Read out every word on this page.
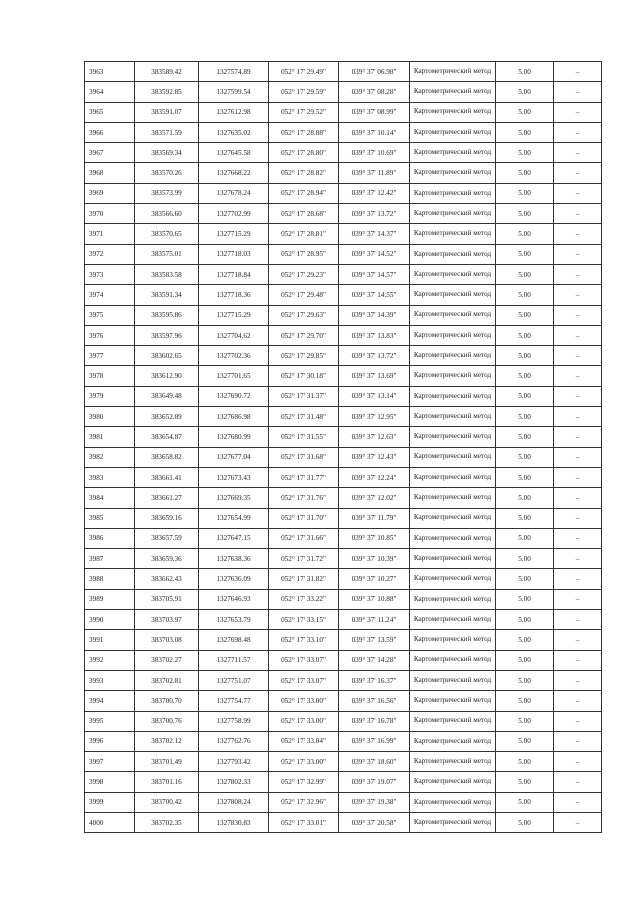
3963	383589.42	1327574.89	052° 17' 29.49"	039° 37' 06.98"	Картометрический метод	5.00	–
3964	383592.85	1327599.54	052° 17' 29.59"	039° 37' 08.28"	Картометрический метод	5.00	–
3965	383591.07	1327612.98	052° 17' 29.52"	039° 37' 08.99"	Картометрический метод	5.00	–
3966	383571.59	1327635.02	052° 17' 28.88"	039° 37' 10.14"	Картометрический метод	5.00	–
3967	383569.34	1327645.58	052° 17' 28.80"	039° 37' 10.69"	Картометрический метод	5.00	–
3968	383570.26	1327668.22	052° 17' 28.82"	039° 37' 11.89"	Картометрический метод	5.00	–
3969	383573.99	1327678.24	052° 17' 28.94"	039° 37' 12.42"	Картометрический метод	5.00	–
3970	383566.60	1327702.99	052° 17' 28.68"	039° 37' 13.72"	Картометрический метод	5.00	–
3971	383570.65	1327715.29	052° 17' 28.81"	039° 37' 14.37"	Картометрический метод	5.00	–
3972	383575.01	1327718.03	052° 17' 28.95"	039° 37' 14.52"	Картометрический метод	5.00	–
3973	383583.58	1327718.84	052° 17' 29.23"	039° 37' 14.57"	Картометрический метод	5.00	–
3974	383591.34	1327718.36	052° 17' 29.48"	039° 37' 14.55"	Картометрический метод	5.00	–
3975	383595.86	1327715.29	052° 17' 29.63"	039° 37' 14.39"	Картометрический метод	5.00	–
3976	383597.96	1327704.62	052° 17' 29.70"	039° 37' 13.83"	Картометрический метод	5.00	–
3977	383602.65	1327702.36	052° 17' 29.85"	039° 37' 13.72"	Картометрический метод	5.00	–
3978	383612.90	1327701.65	052° 17' 30.18"	039° 37' 13.69"	Картометрический метод	5.00	–
3979	383649.48	1327690.72	052° 17' 31.37"	039° 37' 13.14"	Картометрический метод	5.00	–
3980	383652.89	1327686.98	052° 17' 31.48"	039° 37' 12.95"	Картометрический метод	5.00	–
3981	383654.87	1327680.99	052° 17' 31.55"	039° 37' 12.63"	Картометрический метод	5.00	–
3982	383658.82	1327677.04	052° 17' 31.68"	039° 37' 12.43"	Картометрический метод	5.00	–
3983	383661.41	1327673.43	052° 17' 31.77"	039° 37' 12.24"	Картометрический метод	5.00	–
3984	383661.27	1327669.35	052° 17' 31.76"	039° 37' 12.02"	Картометрический метод	5.00	–
3985	383659.16	1327654.99	052° 17' 31.70"	039° 37' 11.79"	Картометрический метод	5.00	–
3986	383657.59	1327647.15	052° 17' 31.66"	039° 37' 10.85"	Картометрический метод	5.00	–
3987	383659.36	1327638.36	052° 17' 31.72"	039° 37' 10.39"	Картометрический метод	5.00	–
3988	383662.43	1327636.09	052° 17' 31.82"	039° 37' 10.27"	Картометрический метод	5.00	–
3989	383705.91	1327646.93	052° 17' 33.22"	039° 37' 10.88"	Картометрический метод	5.00	–
3990	383703.97	1327653.79	052° 17' 33.15"	039° 37' 11.24"	Картометрический метод	5.00	–
3991	383703.08	1327698.48	052° 17' 33.10"	039° 37' 13.59"	Картометрический метод	5.00	–
3992	383702.27	1327711.57	052° 17' 33.07"	039° 37' 14.28"	Картометрический метод	5.00	–
3993	383702.81	1327751.07	052° 17' 33.07"	039° 37' 16.37"	Картометрический метод	5.00	–
3994	383700.70	1327754.77	052° 17' 33.00"	039° 37' 16.56"	Картометрический метод	5.00	–
3995	383700.76	1327758.99	052° 17' 33.00"	039° 37' 16.78"	Картометрический метод	5.00	–
3996	383702.12	1327762.76	052° 17' 33.04"	039° 37' 16.99"	Картометрический метод	5.00	–
3997	383701.49	1327793.42	052° 17' 33.00"	039° 37' 18.60"	Картометрический метод	5.00	–
3998	383701.16	1327802.33	052° 17' 32.99"	039° 37' 19.07"	Картометрический метод	5.00	–
3999	383700.42	1327808.24	052° 17' 32.96"	039° 37' 19.38"	Картометрический метод	5.00	–
4000	383702.35	1327830.83	052° 17' 33.01"	039° 37' 20.58"	Картометрический метод	5.00	–
